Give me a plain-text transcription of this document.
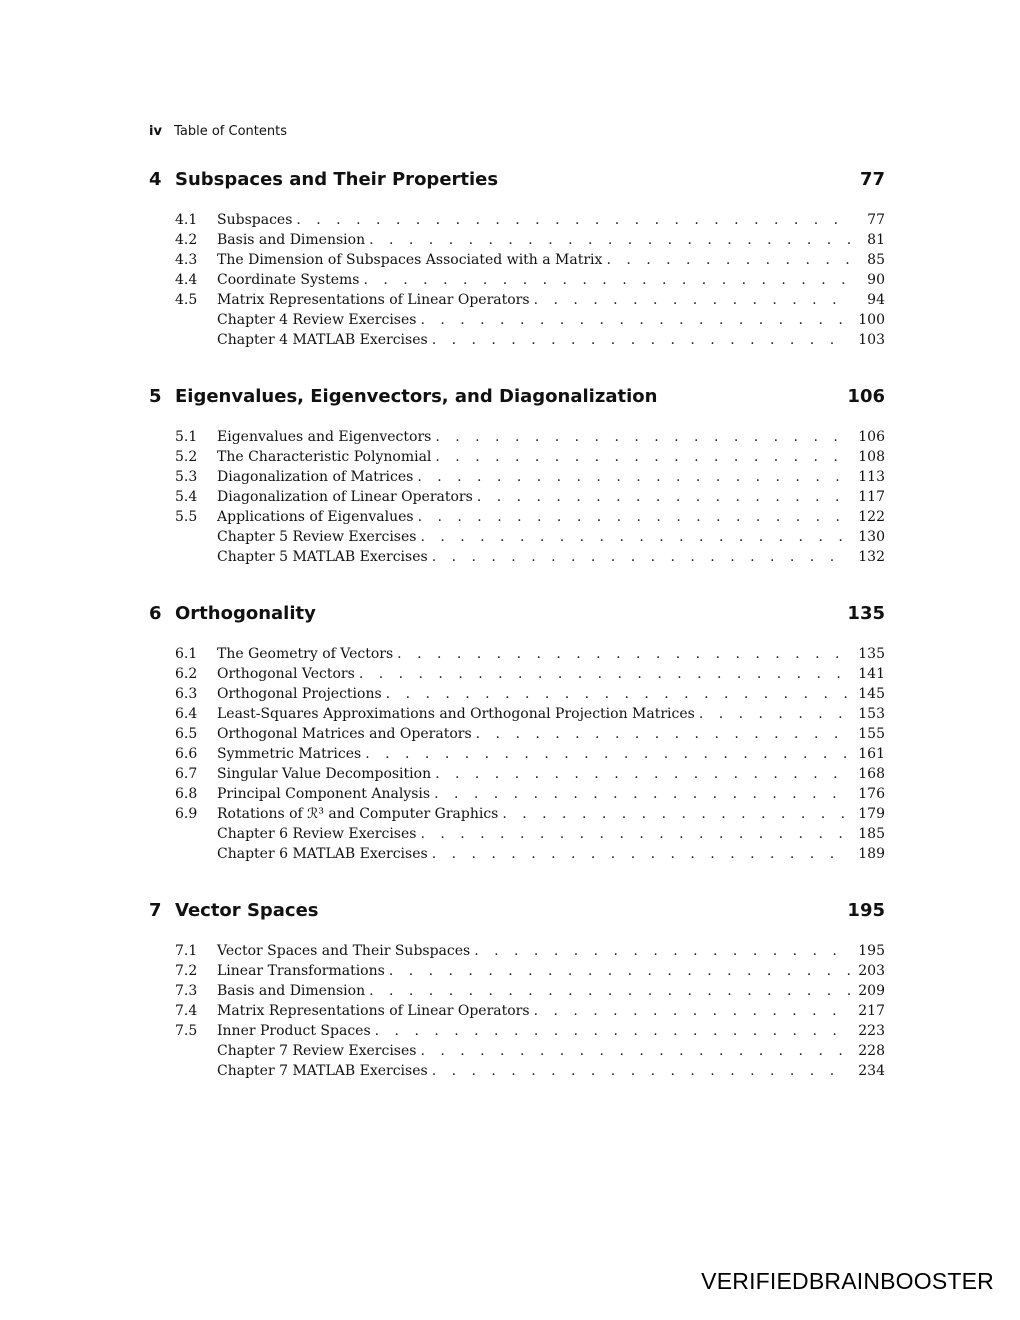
iv Table of Contents
4 Subspaces and Their Properties	77
4.1	Subspaces . . .	77
4.2	Basis and Dimension . . .	81
4.3	The Dimension of Subspaces Associated with a Matrix . . .	85
4.4	Coordinate Systems . . .	90
4.5	Matrix Representations of Linear Operators . . .	94
Chapter 4 Review Exercises . . .	100
Chapter 4 MATLAB Exercises . . .	103
5 Eigenvalues, Eigenvectors, and Diagonalization	106
5.1	Eigenvalues and Eigenvectors . . .	106
5.2	The Characteristic Polynomial . . .	108
5.3	Diagonalization of Matrices . . .	113
5.4	Diagonalization of Linear Operators . . .	117
5.5	Applications of Eigenvalues . . .	122
Chapter 5 Review Exercises . . .	130
Chapter 5 MATLAB Exercises . . .	132
6 Orthogonality	135
6.1	The Geometry of Vectors . . .	135
6.2	Orthogonal Vectors . . .	141
6.3	Orthogonal Projections . . .	145
6.4	Least-Squares Approximations and Orthogonal Projection Matrices . . .	153
6.5	Orthogonal Matrices and Operators . . .	155
6.6	Symmetric Matrices . . .	161
6.7	Singular Value Decomposition . . .	168
6.8	Principal Component Analysis . . .	176
6.9	Rotations of ℛ³ and Computer Graphics . . .	179
Chapter 6 Review Exercises . . .	185
Chapter 6 MATLAB Exercises . . .	189
7 Vector Spaces	195
7.1	Vector Spaces and Their Subspaces . . .	195
7.2	Linear Transformations . . .	203
7.3	Basis and Dimension . . .	209
7.4	Matrix Representations of Linear Operators . . .	217
7.5	Inner Product Spaces . . .	223
Chapter 7 Review Exercises . . .	228
Chapter 7 MATLAB Exercises . . .	234
VERIFIEDBRAINBOOSTER
